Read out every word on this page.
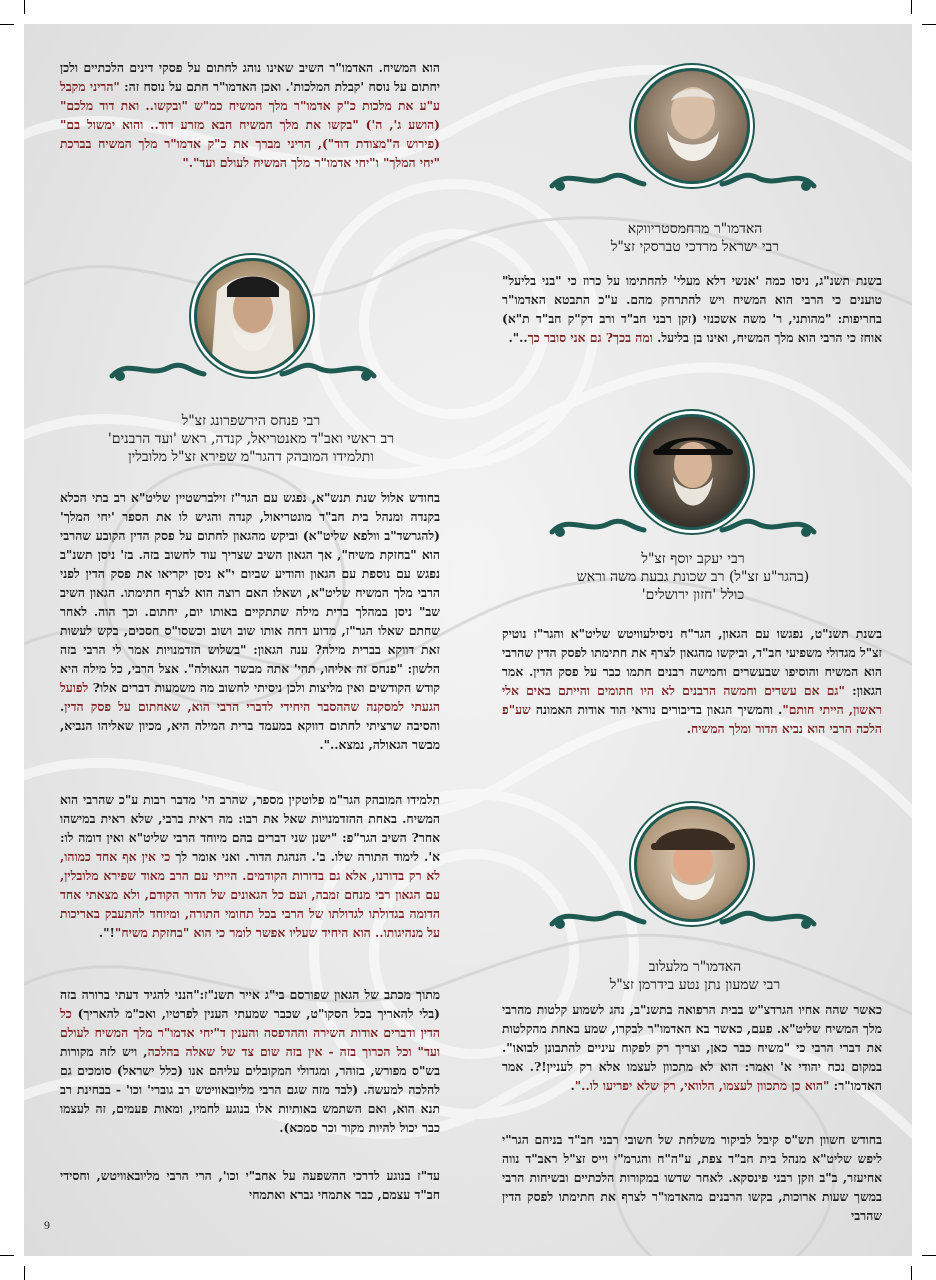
הוא המשיח. האדמו"ר השיב שאינו נוהג לחתום על פסקי דינים הלכתיים ולכן יחתום על נוסח 'קבלת המלכות'. ואכן האדמו"ר חתם על נוסח זה: "הריני מקבל ע"ע את מלכות כ"ק אדמו"ר מלך המשיח כמ"ש "ובקשו.. ואת דוד מלכם" (הושע ג', ה') "בקשו את מלך המשיח הבא מזרע דוד.. והוא ימשול בם" (פירוש ה"מצודת דוד"), הריני מברך את כ"ק אדמו"ר מלך המשיח בברכת "יחי המלך" ו"יחי אדמו"ר מלך המשיח לעולם ועד"."
האדמו"ר מרחמסטריווקא
רבי ישראל מרדכי טברסקי זצ"ל
בשנת תשנ"ג, ניסו כמה 'אנשי דלא מעלי' להחתימו על כרוז כי "בני בליעל" טוענים כי הרבי הוא המשיח ויש להתרחק מהם. ע"כ התבטא האדמו"ר בחריפות: "מהותני, ר' משה אשכנזי (זקן רבני חב"ד ורב דק"ק חב"ד ת"א) אוחז כי הרבי הוא מלך המשיח, ואינו בן בליעל. ומה בכך? גם אני סובר כך..".
רבי פנחס הירשפרונג זצ"ל
רב ראשי ואב"ד מאנטריאל, קנדה, ראש 'ועד הרבנים'
ותלמידו המובהק דהגר"מ שפירא זצ"ל מלובלין
בחודש אלול שנת תנש"א, נפגש עם הגר"ז זילברשטיין שליט"א רב בתי הכלא בקנדה ומנהל בית חב"ד מונטריאול, קנדה והגיש לו את הספר 'יחי המלך' (להגרשד"ב וולפא שליט"א) וביקש מהגאון לחתום על פסק הדין הקובע שהרבי הוא "בחזקת משיח", אך הגאון השיב שצריך עוד לחשוב בזה. בז' ניסן תשנ"ב נפגש עם נוספת עם הגאון והודיע שביום י"א ניסן יקריאו את פסק הדין לפני הרבי מלך המשיח שליט"א, ושאלו האם רוצה הוא לצרף חתימתו. הגאון השיב שב" ניסן במהלך ברית מילה שתתקיים באותו יום, יחתום. וכך הוה. לאחר שחתם שאלו הגר"ז, מדוע דחה אותו שוב ושוב וכשסו"ס חסכים, בקש לעשות זאת דווקא בברית מילה? ענה הגאון: "בשלוש הזדמנויות אמר לי הרבי בזה הלשון: "פנחס זה אליהו, תהי' אתה מבשר הגאולה". אצל הרבי, כל מילה היא קודש הקודשים ואין מליצות ולכן ניסיתי לחשוב מה משמעות דברים אלו? לפועל הגעתי למסקנה שההסבר היחידי לדברי הרבי הוא, שאחתום על פסק הדין. והסיבה שרציתי לחתום דווקא במעמד ברית המילה היא, מכיון שאליהו הנביא, מבשר הגאולה, נמצא..".
תלמידו המובהק הגר"מ פלוטקין מספר, שהרב הי' מדבר רבות ע"כ שהרבי הוא המשיח. באחת ההזדמנויות שאל את רבו: מה ראית ברבי, שלא ראית במישהו אחר? השיב הגר"פ: "ישנן שני דברים בהם מיוחד הרבי שליט"א ואין דומה לו: א'. לימוד התורה שלו. ב'. הנהגת הדור. ואני אומר לך כי אין אף אחד כמוהו, לא רק בדורנו, אלא גם בדורות הקודמים. הייתי עם הרב מאוד שפירא מלובלין, עם הגאון רבי מנחם זמבה, ועם כל הגאונים של הדור הקודם, ולא מצאתי אחד הדומה בגדולתו לגדולתו של הרבי בכל תחומי התורה, ומיוחד להתעבק באריכות על מנהיגותו.. הוא היחיד שעליו אפשר לומר כי הוא "בחזקת משיח"!".
מתוך מכתב של הגאון שפורסם בי"ג אייר תשנ"ז:"הנני להגיד דעתי ברורה בזה (בלי להאריך בכל הסקו"ט, שכבר שמעתי הענין לפרטיו, ואכ"מ להאריך) כל הדין ודברים אודות השירה וההדפסה והענין ד"יחי אדמו"ר מלך המשיח לעולם ועד" וכל הכרוך בזה - אין בזה שום צד של שאלה בהלכה, ויש לזה מקורות בש"ס מפורש, בזוהר, ומגדולי המקובלים עליהם אנו (כלל ישראל) סומכים גם להלכה למעשה. (לבד מזה שגם הרבי מליובאוויטש רב גוברי' וכו' - בבחינת רב תנא הוא, ואם השתמש באותיות אלו בנוגע לחמיו, ומאות פעמים, זה לעצמו כבר יכול להיות מקור וכר סמכא).
עד"ז בנוגע לדרכי ההשפעה על אחב"י וכו', הרי הרבי מליובאוויטש, וחסידי חב"ד עצמם, כבר אתמחי גברא ואתמחי
רבי יעקב יוסף זצ"ל
(בהגר"ע זצ"ל) רב שכונת גבעת משה וראש
כולל 'חזון ירושלים'
בשנת תשנ"ט, נפגשו עם הגאון, הגר"ח ניסילעוויטש שליט"א והגר"ז נוטיק זצ"ל מגדולי משפיעי חב"ד, וביקשו מהגאון לצרף את חתימתו לפסק הדין שהרבי הוא המשיח והוסיפו שבעשרים וחמישה רבנים חתמו כבר על פסק הדין. אמר הגאון: "גם אם עשרים וחמשה הרבנים לא היו חתומים והייתם באים אלי ראשון, הייתי חותם". והמשיך הגאון בדיבורים נוראי הוד אודות האמונה שע"פ הלכה הרבי הוא נביא הדור ומלך המשיח.
האדמו"ר מלעלוב
רבי שמעון נתן נטע בידרמן זצ"ל
כאשר שהה אחיו הגרדצ"ש בבית הרפואה בתשנ"ב, נהג לשמוע קלטות מהרבי מלך המשיח שליט"א. פעם, כאשר בא האדמו"ר לבקרו, שמע באחת מהקלטות את דברי הרבי כי "משיח כבר כאן, וצריך רק לפקוח עיניים להתבונן לבואו". במקום נכח יהודי א' ואמר: הוא לא מתכוון לעצמו אלא רק לעניין!?. אמר האדמו"ר: "הוא כן מתכוון לעצמו, הלוואי, רק שלא יפריעו לו..".
בחודש חשוון תש"ס קיבל לביקור משלחת של חשובי רבני חב"ד בניהם הגר"י ליפש שליט"א מנהל בית חב"ד צפת, ע"ה"ח והגרמ"י וייס זצ"ל ראב"ד נווה אחיעזר, ב"ב וזקן רבני פינסקא. לאחר שדשו במקורות הלכתיים ובשיחות הרבי במשך שעות ארוכות, בקשו הרבנים מהאדמו"ר לצרף את חתימתו לפסק הדין שהרבי
9
